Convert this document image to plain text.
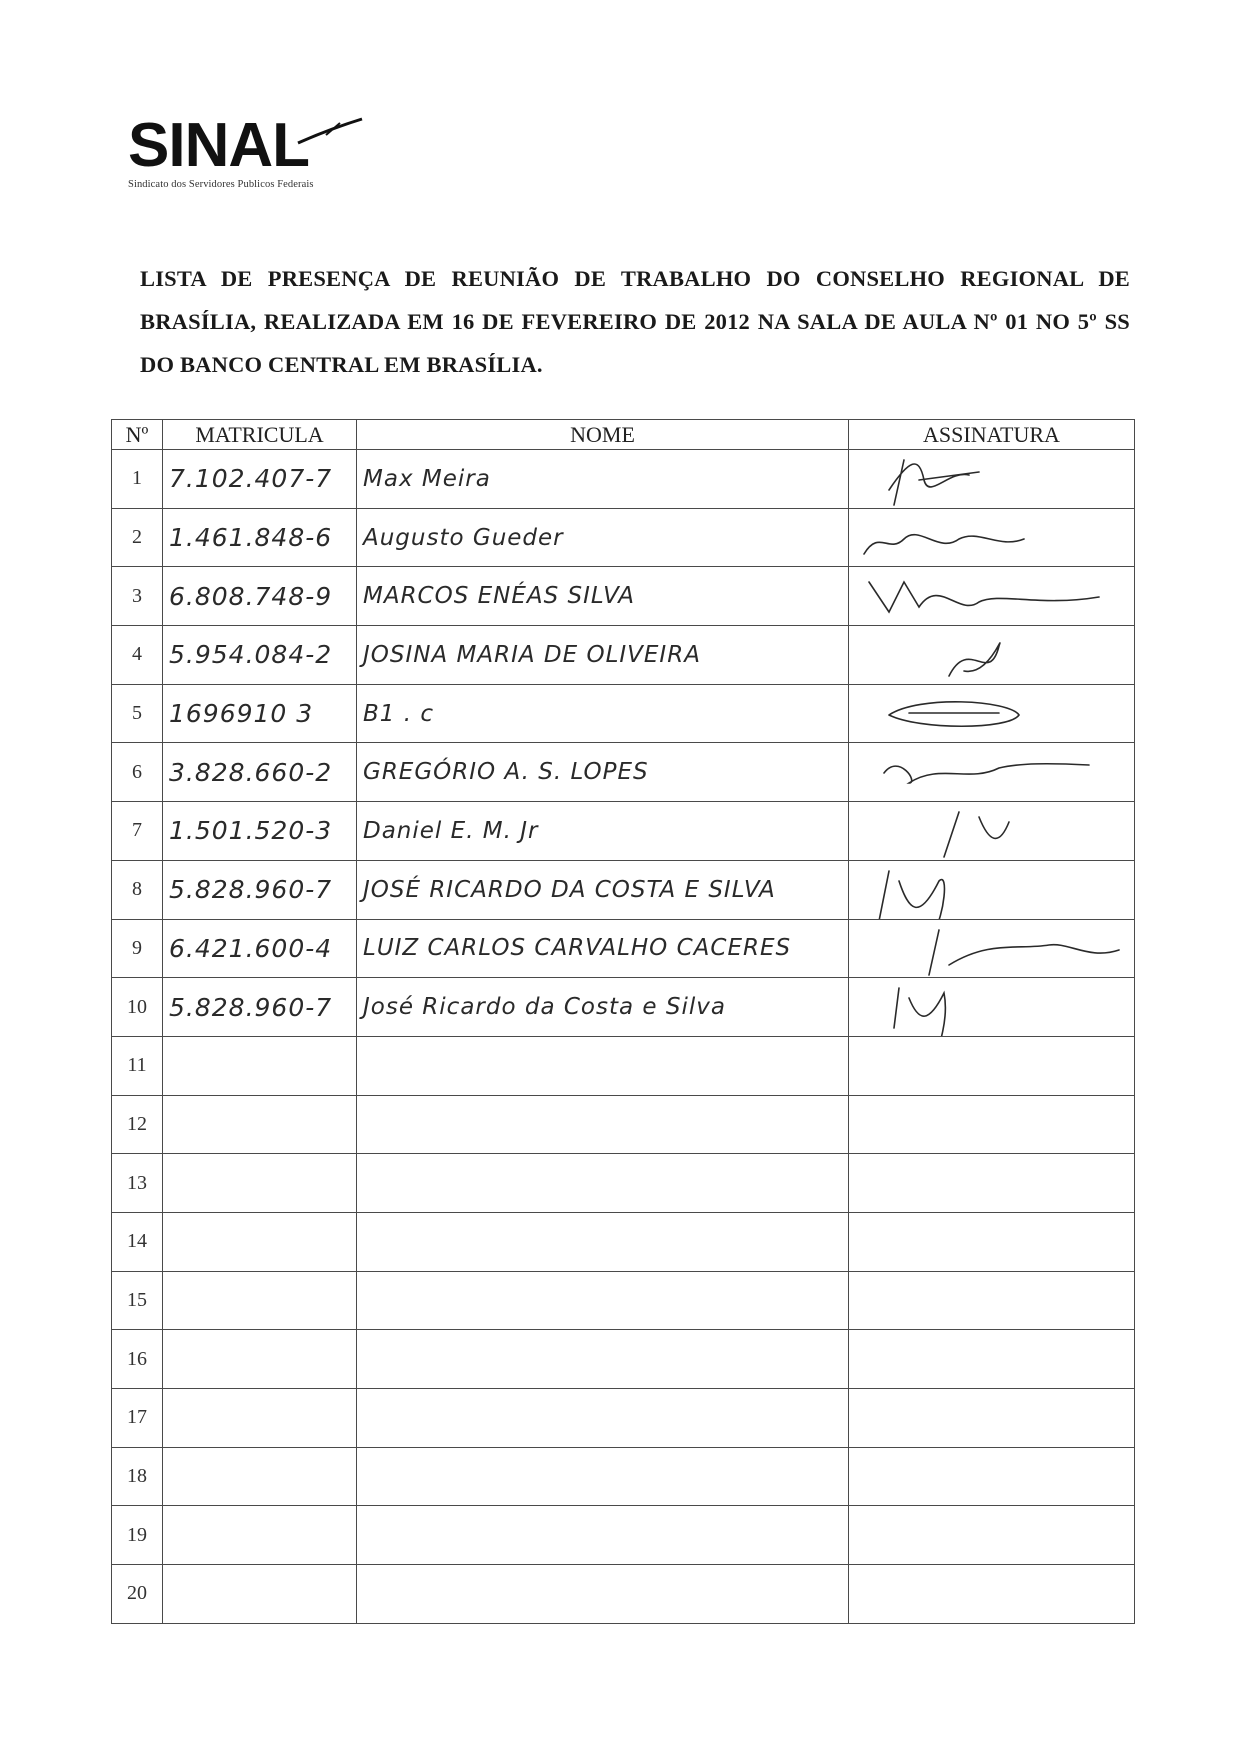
SINAL
Sindicato dos Servidores Publicos Federais
LISTA DE PRESENÇA DE REUNIÃO DE TRABALHO DO CONSELHO REGIONAL DE BRASÍLIA, REALIZADA EM 16 DE FEVEREIRO DE 2012 NA SALA DE AULA Nº 01 NO 5º SS DO BANCO CENTRAL EM BRASÍLIA.
Nº	MATRICULA	NOME	ASSINATURA
1	7.102.407-7	Max Meira	

2	1.461.848-6	Augusto Gueder	

3	6.808.748-9	MARCOS ENÉAS SILVA	

4	5.954.084-2	JOSINA MARIA DE OLIVEIRA	

5	1696910 3	B1 . c	

6	3.828.660-2	GREGÓRIO A. S. LOPES	

7	1.501.520-3	Daniel E. M. Jr	

8	5.828.960-7	JOSÉ RICARDO DA COSTA E SILVA	

9	6.421.600-4	LUIZ CARLOS CARVALHO CACERES	

10	5.828.960-7	José Ricardo da Costa e Silva	

11			
12			
13			
14			
15			
16			
17			
18			
19			
20			
